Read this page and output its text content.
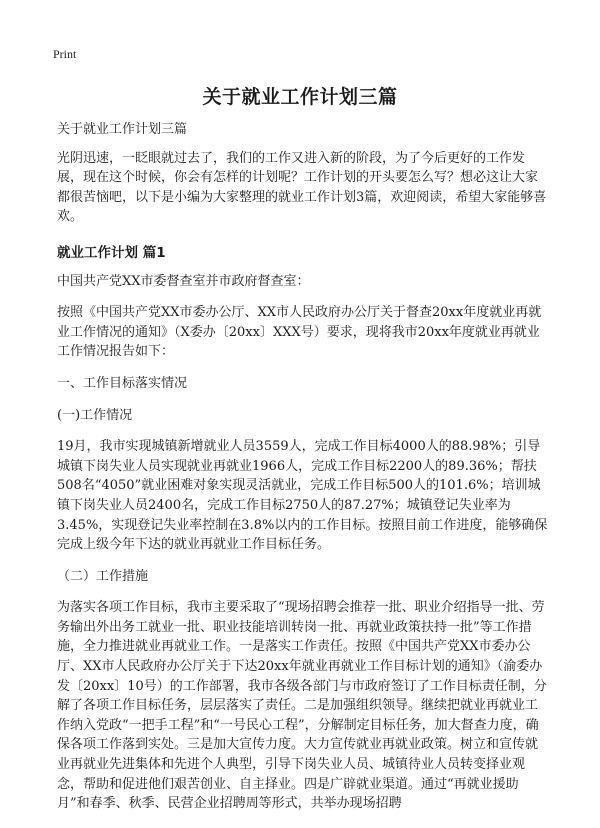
Print
关于就业工作计划三篇

关于就业工作计划三篇

光阴迅速，一眨眼就过去了，我们的工作又进入新的阶段，为了今后更好的工作发展，现在这个时候，你会有怎样的计划呢？工作计划的开头要怎么写？想必这让大家都很苦恼吧，以下是小编为大家整理的就业工作计划3篇，欢迎阅读，希望大家能够喜欢。

就业工作计划 篇1

中国共产党XX市委督查室并市政府督查室：

按照《中国共产党XX市委办公厅、XX市人民政府办公厅关于督查20xx年度就业再就业工作情况的通知》（X委办〔20xx〕XXX号）要求，现将我市20xx年度就业再就业工作情况报告如下：

一、工作目标落实情况

(一)工作情况

19月，我市实现城镇新增就业人员3559人，完成工作目标4000人的88.98%；引导城镇下岗失业人员实现就业再就业1966人，完成工作目标2200人的89.36%；帮扶508名“4050”就业困难对象实现灵活就业，完成工作目标500人的101.6%；培训城镇下岗失业人员2400名，完成工作目标2750人的87.27%；城镇登记失业率为3.45%，实现登记失业率控制在3.8%以内的工作目标。按照目前工作进度，能够确保完成上级今年下达的就业再就业工作目标任务。

（二）工作措施

为落实各项工作目标，我市主要采取了“现场招聘会推荐一批、职业介绍指导一批、劳务输出外出务工就业一批、职业技能培训转岗一批、再就业政策扶持一批”等工作措施，全力推进就业再就业工作。一是落实工作责任。按照《中国共产党XX市委办公厅、XX市人民政府办公厅关于下达20xx年就业再就业工作目标计划的通知》（渝委办发〔20xx〕10号）的工作部署，我市各级各部门与市政府签订了工作目标责任制，分解了各项工作目标任务，层层落实了责任。二是加强组织领导。继续把就业再就业工作纳入党政“一把手工程”和“一号民心工程”，分解制定目标任务，加大督查力度，确保各项工作落到实处。三是加大宣传力度。大力宣传就业再就业政策。树立和宣传就业再就业先进集体和先进个人典型，引导下岗失业人员、城镇待业人员转变择业观念，帮助和促进他们艰苦创业、自主择业。四是广辟就业渠道。通过“再就业援助月”和春季、秋季、民营企业招聘周等形式，共举办现场招聘
